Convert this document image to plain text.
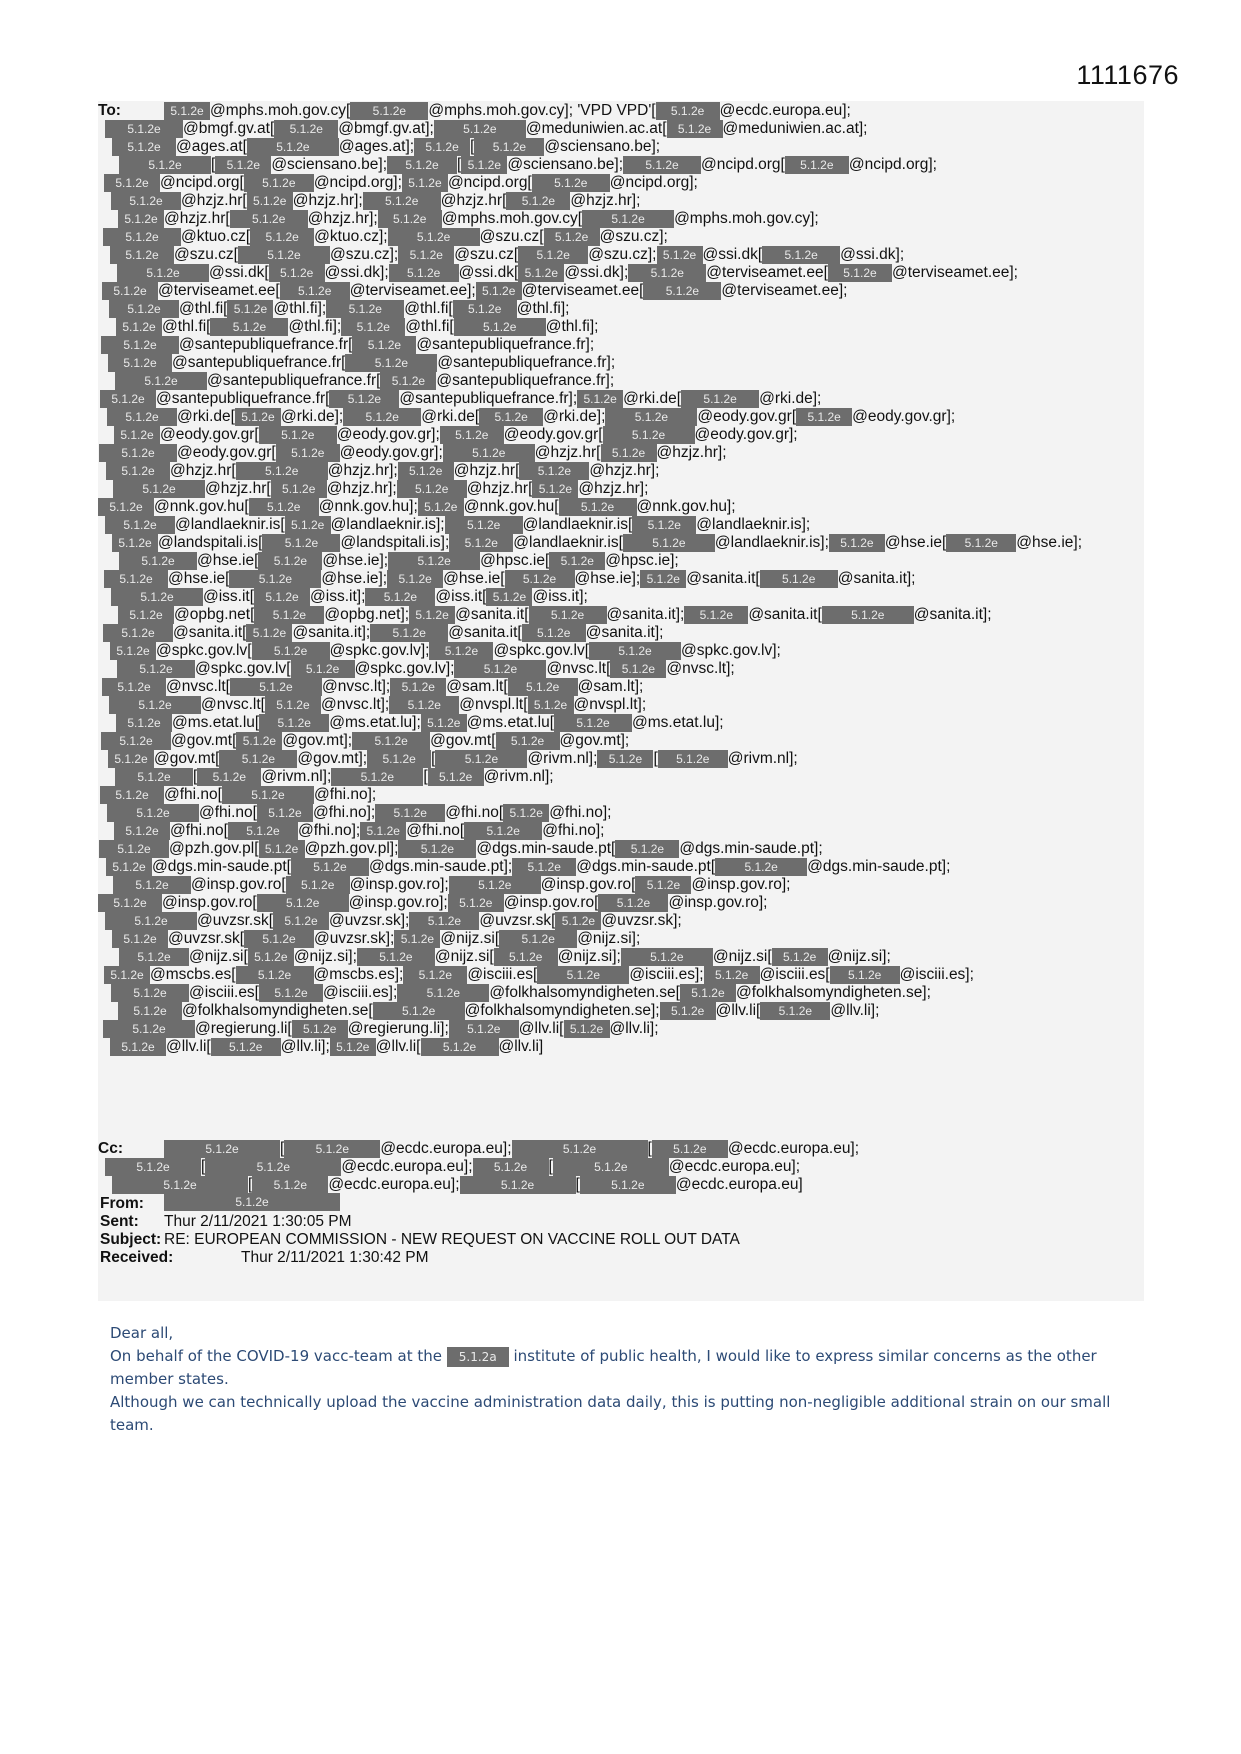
1111676
To:	5.1.2e @mphs.moh.gov.cy[ 5.1.2e @mphs.moh.gov.cy]; 'VPD VPD'[ 5.1.2e @ecdc.europa.eu];
5.1.2e @bmgf.gv.at[ 5.1.2e @bmgf.gv.at]; 5.1.2e @meduniwien.ac.at[ 5.1.2e @meduniwien.ac.at];
5.1.2e @ages.at[ 5.1.2e @ages.at]; 5.1.2e [ 5.1.2e @sciensano.be];
5.1.2e [ 5.1.2e @sciensano.be]; 5.1.2e [ 5.1.2e @sciensano.be]; 5.1.2e @ncipd.org[ 5.1.2e @ncipd.org];
5.1.2e @ncipd.org[ 5.1.2e @ncipd.org]; 5.1.2e @ncipd.org[ 5.1.2e @ncipd.org];
5.1.2e @hzjz.hr[ 5.1.2e @hzjz.hr]; 5.1.2e @hzjz.hr[ 5.1.2e @hzjz.hr];
5.1.2e @hzjz.hr[ 5.1.2e @hzjz.hr]; 5.1.2e @mphs.moh.gov.cy[ 5.1.2e @mphs.moh.gov.cy];
5.1.2e @ktuo.cz[ 5.1.2e @ktuo.cz]; 5.1.2e @szu.cz[ 5.1.2e @szu.cz];
5.1.2e @szu.cz[ 5.1.2e @szu.cz]; 5.1.2e @szu.cz[ 5.1.2e @szu.cz]; 5.1.2e @ssi.dk[ 5.1.2e @ssi.dk];
5.1.2e @ssi.dk[ 5.1.2e @ssi.dk]; 5.1.2e @ssi.dk[ 5.1.2e @ssi.dk]; 5.1.2e @terviseamet.ee[ 5.1.2e @terviseamet.ee];
5.1.2e @terviseamet.ee[ 5.1.2e @terviseamet.ee]; 5.1.2e @terviseamet.ee[ 5.1.2e @terviseamet.ee];
5.1.2e @thl.fi[ 5.1.2e @thl.fi]; 5.1.2e @thl.fi[ 5.1.2e @thl.fi];
5.1.2e @thl.fi[ 5.1.2e @thl.fi]; 5.1.2e @thl.fi[ 5.1.2e @thl.fi];
5.1.2e @santepubliquefrance.fr[ 5.1.2e @santepubliquefrance.fr];
5.1.2e @santepubliquefrance.fr[ 5.1.2e @santepubliquefrance.fr];
5.1.2e @santepubliquefrance.fr[ 5.1.2e @santepubliquefrance.fr];
5.1.2e @santepubliquefrance.fr[ 5.1.2e @santepubliquefrance.fr]; 5.1.2e @rki.de[ 5.1.2e @rki.de];
5.1.2e @rki.de[ 5.1.2e @rki.de]; 5.1.2e @rki.de[ 5.1.2e @rki.de]; 5.1.2e @eody.gov.gr[ 5.1.2e @eody.gov.gr];
5.1.2e @eody.gov.gr[ 5.1.2e @eody.gov.gr]; 5.1.2e @eody.gov.gr[ 5.1.2e @eody.gov.gr];
5.1.2e @eody.gov.gr[ 5.1.2e @eody.gov.gr]; 5.1.2e @hzjz.hr[ 5.1.2e @hzjz.hr];
5.1.2e @hzjz.hr[ 5.1.2e @hzjz.hr]; 5.1.2e @hzjz.hr[ 5.1.2e @hzjz.hr];
5.1.2e @hzjz.hr[ 5.1.2e @hzjz.hr]; 5.1.2e @hzjz.hr[ 5.1.2e @hzjz.hr];
5.1.2e @nnk.gov.hu[ 5.1.2e @nnk.gov.hu]; 5.1.2e @nnk.gov.hu[ 5.1.2e @nnk.gov.hu];
5.1.2e @landlaeknir.is[ 5.1.2e @landlaeknir.is]; 5.1.2e @landlaeknir.is[ 5.1.2e @landlaeknir.is];
5.1.2e @landspitali.is[ 5.1.2e @landspitali.is]; 5.1.2e @landlaeknir.is[ 5.1.2e @landlaeknir.is]; 5.1.2e @hse.ie[ 5.1.2e @hse.ie];
5.1.2e @hse.ie[ 5.1.2e @hse.ie]; 5.1.2e @hpsc.ie[ 5.1.2e @hpsc.ie];
5.1.2e @hse.ie[ 5.1.2e @hse.ie]; 5.1.2e @hse.ie[ 5.1.2e @hse.ie]; 5.1.2e @sanita.it[ 5.1.2e @sanita.it];
5.1.2e @iss.it[ 5.1.2e @iss.it]; 5.1.2e @iss.it[ 5.1.2e @iss.it];
5.1.2e @opbg.net[ 5.1.2e @opbg.net]; 5.1.2e @sanita.it[ 5.1.2e @sanita.it]; 5.1.2e @sanita.it[ 5.1.2e @sanita.it];
5.1.2e @sanita.it[ 5.1.2e @sanita.it]; 5.1.2e @sanita.it[ 5.1.2e @sanita.it];
5.1.2e @spkc.gov.lv[ 5.1.2e @spkc.gov.lv]; 5.1.2e @spkc.gov.lv[ 5.1.2e @spkc.gov.lv];
5.1.2e @spkc.gov.lv[ 5.1.2e @spkc.gov.lv]; 5.1.2e @nvsc.lt[ 5.1.2e @nvsc.lt];
5.1.2e @nvsc.lt[ 5.1.2e @nvsc.lt]; 5.1.2e @sam.lt[ 5.1.2e @sam.lt];
5.1.2e @nvsc.lt[ 5.1.2e @nvsc.lt]; 5.1.2e @nvspl.lt[ 5.1.2e @nvspl.lt];
5.1.2e @ms.etat.lu[ 5.1.2e @ms.etat.lu]; 5.1.2e @ms.etat.lu[ 5.1.2e @ms.etat.lu];
5.1.2e @gov.mt[ 5.1.2e @gov.mt]; 5.1.2e @gov.mt[ 5.1.2e @gov.mt];
5.1.2e @gov.mt[ 5.1.2e @gov.mt]; 5.1.2e [ 5.1.2e @rivm.nl]; 5.1.2e [ 5.1.2e @rivm.nl];
5.1.2e [ 5.1.2e @rivm.nl]; 5.1.2e [ 5.1.2e @rivm.nl];
5.1.2e @fhi.no[ 5.1.2e @fhi.no];
5.1.2e @fhi.no[ 5.1.2e @fhi.no]; 5.1.2e @fhi.no[ 5.1.2e @fhi.no];
5.1.2e @fhi.no[ 5.1.2e @fhi.no]; 5.1.2e @fhi.no[ 5.1.2e @fhi.no];
5.1.2e @pzh.gov.pl[ 5.1.2e @pzh.gov.pl]; 5.1.2e @dgs.min-saude.pt[ 5.1.2e @dgs.min-saude.pt];
5.1.2e @dgs.min-saude.pt[ 5.1.2e @dgs.min-saude.pt]; 5.1.2e @dgs.min-saude.pt[ 5.1.2e @dgs.min-saude.pt];
5.1.2e @insp.gov.ro[ 5.1.2e @insp.gov.ro]; 5.1.2e @insp.gov.ro[ 5.1.2e @insp.gov.ro];
5.1.2e @insp.gov.ro[ 5.1.2e @insp.gov.ro]; 5.1.2e @insp.gov.ro[ 5.1.2e @insp.gov.ro];
5.1.2e @uvzsr.sk[ 5.1.2e @uvzsr.sk]; 5.1.2e @uvzsr.sk[ 5.1.2e @uvzsr.sk];
5.1.2e @uvzsr.sk[ 5.1.2e @uvzsr.sk]; 5.1.2e @nijz.si[ 5.1.2e @nijz.si];
5.1.2e @nijz.si[ 5.1.2e @nijz.si]; 5.1.2e @nijz.si[ 5.1.2e @nijz.si]; 5.1.2e @nijz.si[ 5.1.2e @nijz.si];
5.1.2e @mscbs.es[ 5.1.2e @mscbs.es]; 5.1.2e @isciii.es[ 5.1.2e @isciii.es]; 5.1.2e @isciii.es[ 5.1.2e @isciii.es];
5.1.2e @isciii.es[ 5.1.2e @isciii.es]; 5.1.2e @folkhalsomyndigheten.se[ 5.1.2e @folkhalsomyndigheten.se];
5.1.2e @folkhalsomyndigheten.se[ 5.1.2e @folkhalsomyndigheten.se]; 5.1.2e @llv.li[ 5.1.2e @llv.li];
5.1.2e @regierung.li[ 5.1.2e @regierung.li]; 5.1.2e @llv.li[ 5.1.2e @llv.li];
5.1.2e @llv.li[ 5.1.2e @llv.li]; 5.1.2e @llv.li[ 5.1.2e @llv.li]
Cc:	5.1.2e	[	5.1.2e @ecdc.europa.eu];	5.1.2e	[ 5.1.2e @ecdc.europa.eu];
5.1.2e [	5.1.2e	@ecdc.europa.eu]; 5.1.2e [	5.1.2e	@ecdc.europa.eu];
5.1.2e	[ 5.1.2e @ecdc.europa.eu];	5.1.2e	[	5.1.2e @ecdc.europa.eu]
From:	5.1.2e
Sent: Thur 2/11/2021 1:30:05 PM
Subject: RE: EUROPEAN COMMISSION - NEW REQUEST ON VACCINE ROLL OUT DATA
Received:	Thur 2/11/2021 1:30:42 PM

Dear all,

On behalf of the COVID-19 vacc-team at the 5.1.2a institute of public health, I would like to express similar concerns as the other member states.

Although we can technically upload the vaccine administration data daily, this is putting non-negligible additional strain on our small team.
